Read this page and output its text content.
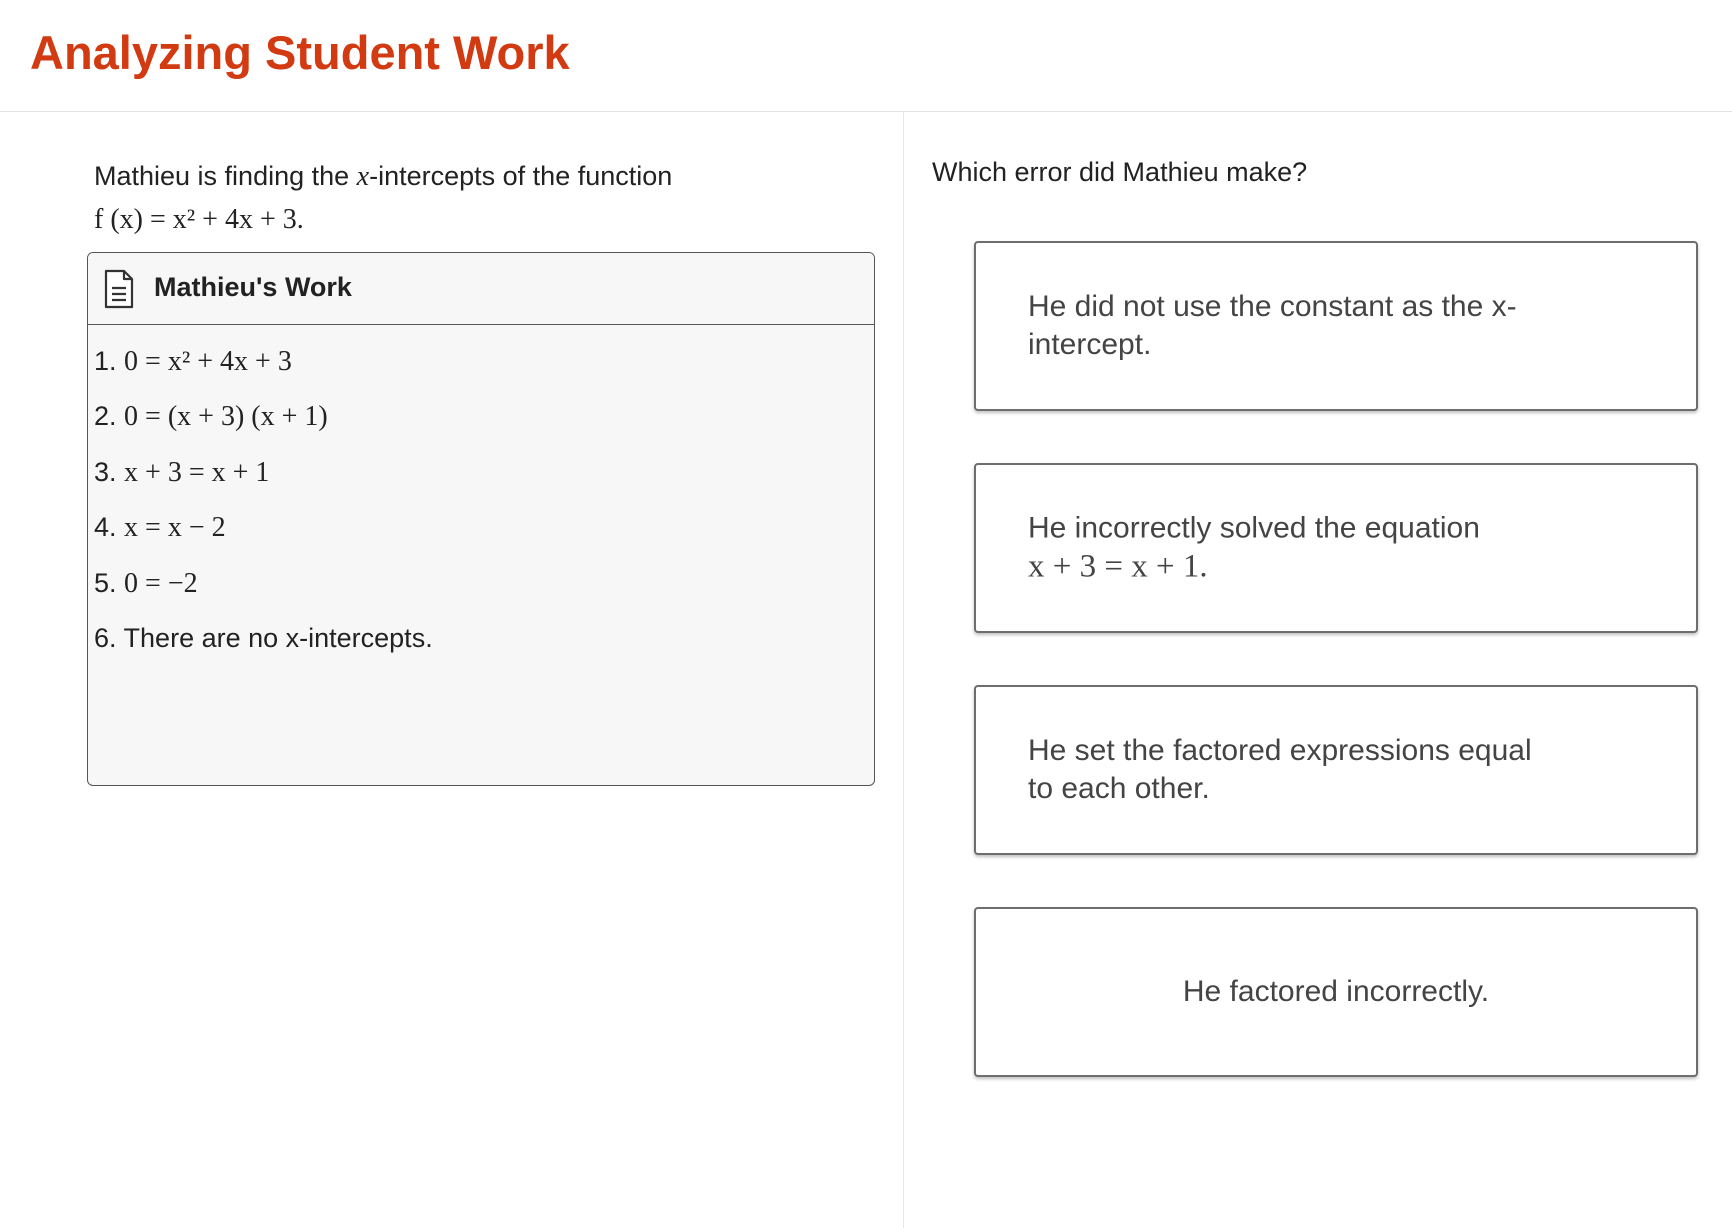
Analyzing Student Work
Mathieu is finding the x-intercepts of the function
f (x) = x² + 4x + 3.
Mathieu's Work
1. 0 = x² + 4x + 3
2. 0 = (x + 3) (x + 1)
3. x + 3 = x + 1
4. x = x − 2
5. 0 = −2
6. There are no x-intercepts.
Which error did Mathieu make?
He did not use the constant as the x-
intercept.
He incorrectly solved the equation
x + 3 = x + 1.
He set the factored expressions equal
to each other.
He factored incorrectly.
